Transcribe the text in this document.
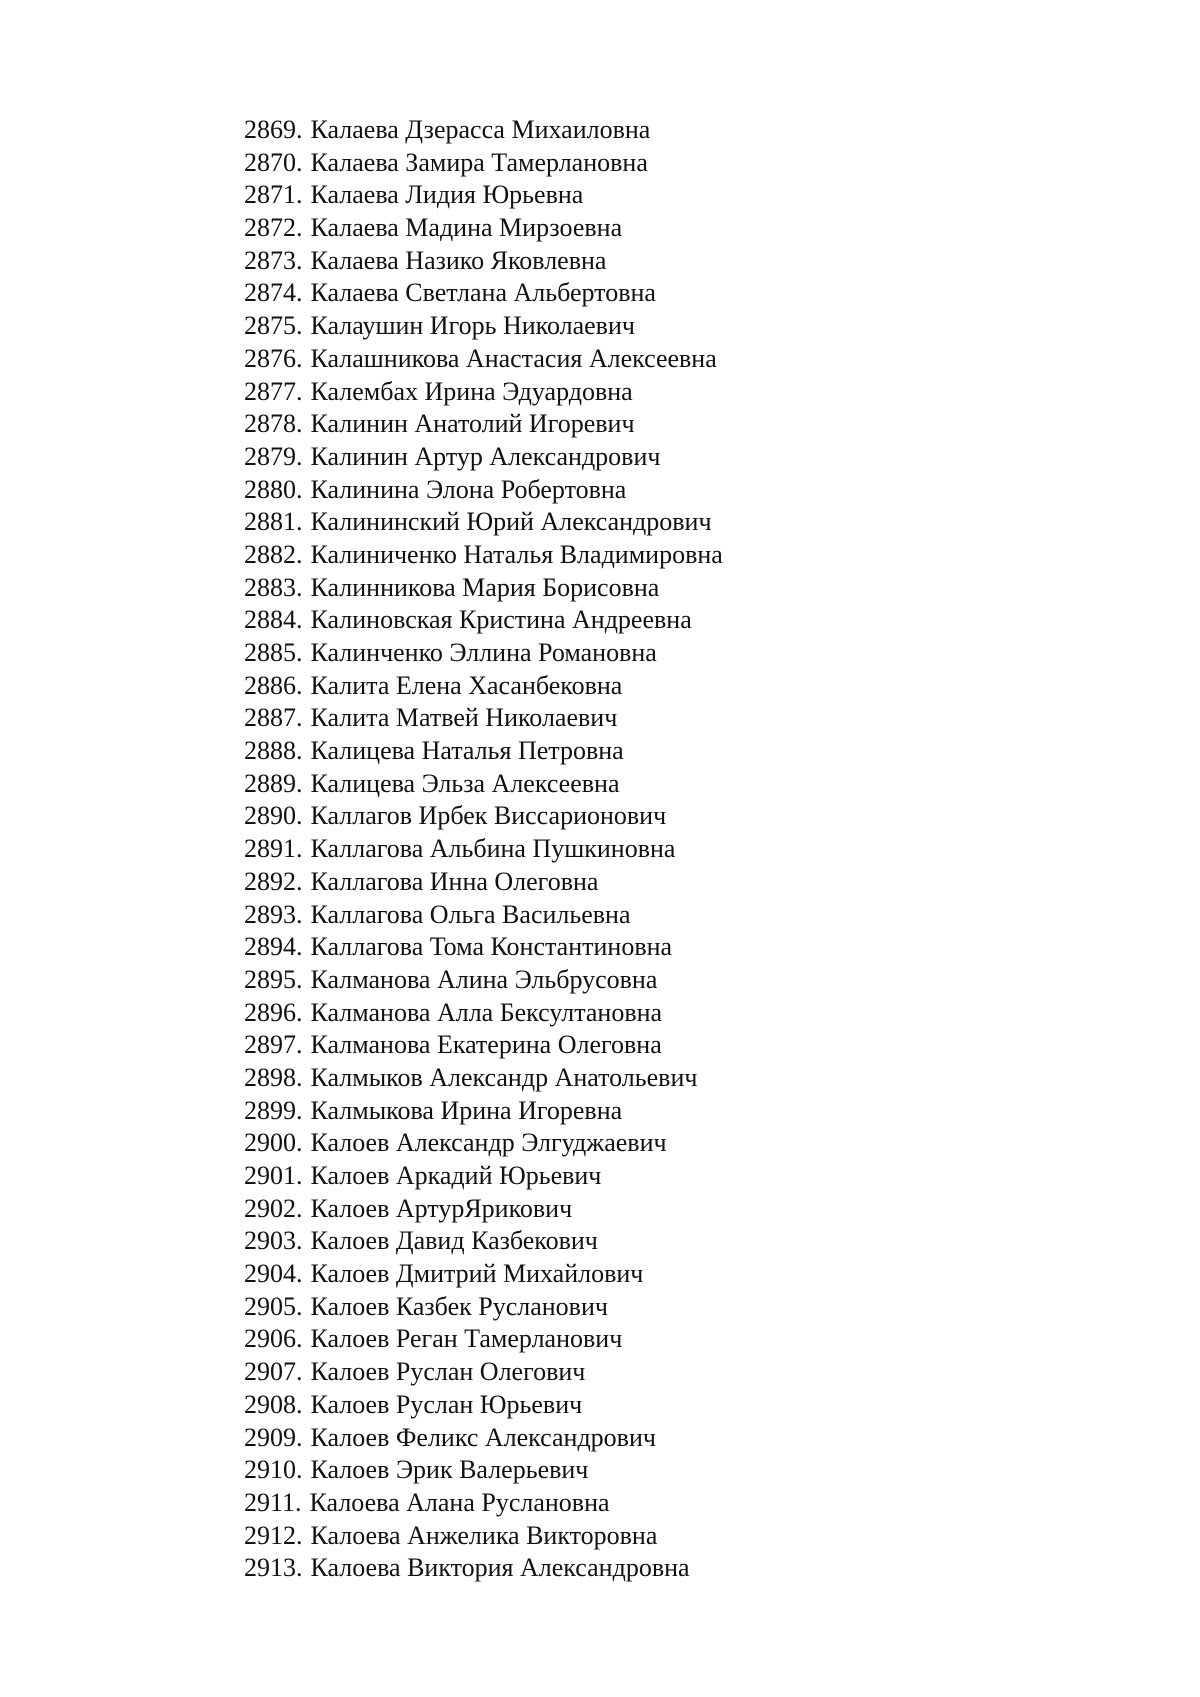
2869. Калаева Дзерасса Михаиловна
2870. Калаева Замира Тамерлановна
2871. Калаева Лидия Юрьевна
2872. Калаева Мадина Мирзоевна
2873. Калаева Назико Яковлевна
2874. Калаева Светлана Альбертовна
2875. Калаушин Игорь Николаевич
2876. Калашникова Анастасия Алексеевна
2877. Калембах Ирина Эдуардовна
2878. Калинин Анатолий Игоревич
2879. Калинин Артур Александрович
2880. Калинина Элона Робертовна
2881. Калининский Юрий Александрович
2882. Калиниченко Наталья Владимировна
2883. Калинникова Мария Борисовна
2884. Калиновская Кристина Андреевна
2885. Калинченко Эллина Романовна
2886. Калита Елена Хасанбековна
2887. Калита Матвей Николаевич
2888. Калицева Наталья Петровна
2889. Калицева Эльза Алексеевна
2890. Каллагов Ирбек Виссарионович
2891. Каллагова Альбина Пушкиновна
2892. Каллагова Инна Олеговна
2893. Каллагова Ольга Васильевна
2894. Каллагова Тома Константиновна
2895. Калманова Алина Эльбрусовна
2896. Калманова Алла Бексултановна
2897. Калманова Екатерина Олеговна
2898. Калмыков Александр Анатольевич
2899. Калмыкова Ирина Игоревна
2900. Калоев Александр Элгуджаевич
2901. Калоев Аркадий Юрьевич
2902. Калоев АртурЯрикович
2903. Калоев Давид Казбекович
2904. Калоев Дмитрий Михайлович
2905. Калоев Казбек Русланович
2906. Калоев Реган Тамерланович
2907. Калоев Руслан Олегович
2908. Калоев Руслан Юрьевич
2909. Калоев Феликс Александрович
2910. Калоев Эрик Валерьевич
2911. Калоева Алана Руслановна
2912. Калоева Анжелика Викторовна
2913. Калоева Виктория Александровна
